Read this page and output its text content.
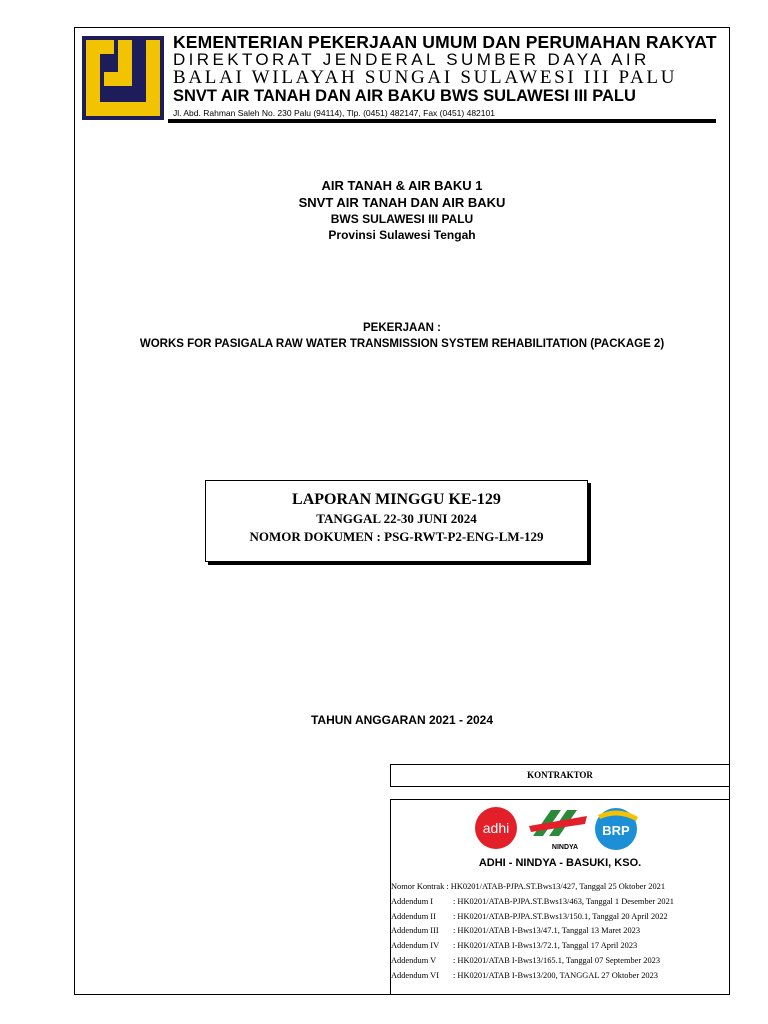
KEMENTERIAN PEKERJAAN UMUM DAN PERUMAHAN RAKYAT
DIREKTORAT JENDERAL SUMBER DAYA AIR
BALAI WILAYAH SUNGAI SULAWESI III PALU
SNVT AIR TANAH DAN AIR BAKU BWS SULAWESI III PALU
Jl. Abd. Rahman Saleh No. 230 Palu (94114), Tlp. (0451) 482147, Fax (0451) 482101
AIR TANAH & AIR BAKU 1
SNVT AIR TANAH DAN AIR BAKU
BWS SULAWESI III PALU
Provinsi Sulawesi Tengah
PEKERJAAN :
WORKS FOR PASIGALA RAW WATER TRANSMISSION SYSTEM REHABILITATION (PACKAGE 2)
LAPORAN MINGGU KE-129
TANGGAL 22-30 JUNI 2024
NOMOR DOKUMEN : PSG-RWT-P2-ENG-LM-129
TAHUN ANGGARAN 2021 - 2024
KONTRAKTOR
adhi
NINDYA
BRP
ADHI - NINDYA - BASUKI, KSO.
Nomor Kontrak : HK0201/ATAB-PJPA.ST.Bws13/427, Tanggal 25 Oktober 2021
Addendum I : HK0201/ATAB-PJPA.ST.Bws13/463, Tanggal 1 Desember 2021
Addendum II : HK0201/ATAB-PJPA.ST.Bws13/150.1, Tanggal 20 April 2022
Addendum III : HK0201/ATAB I-Bws13/47.1, Tanggal 13 Maret 2023
Addendum IV : HK0201/ATAB I-Bws13/72.1, Tanggal 17 April 2023
Addendum V : HK0201/ATAB I-Bws13/165.1, Tanggal 07 September 2023
Addendum VI : HK0201/ATAB I-Bws13/200, TANGGAL 27 Oktober 2023
